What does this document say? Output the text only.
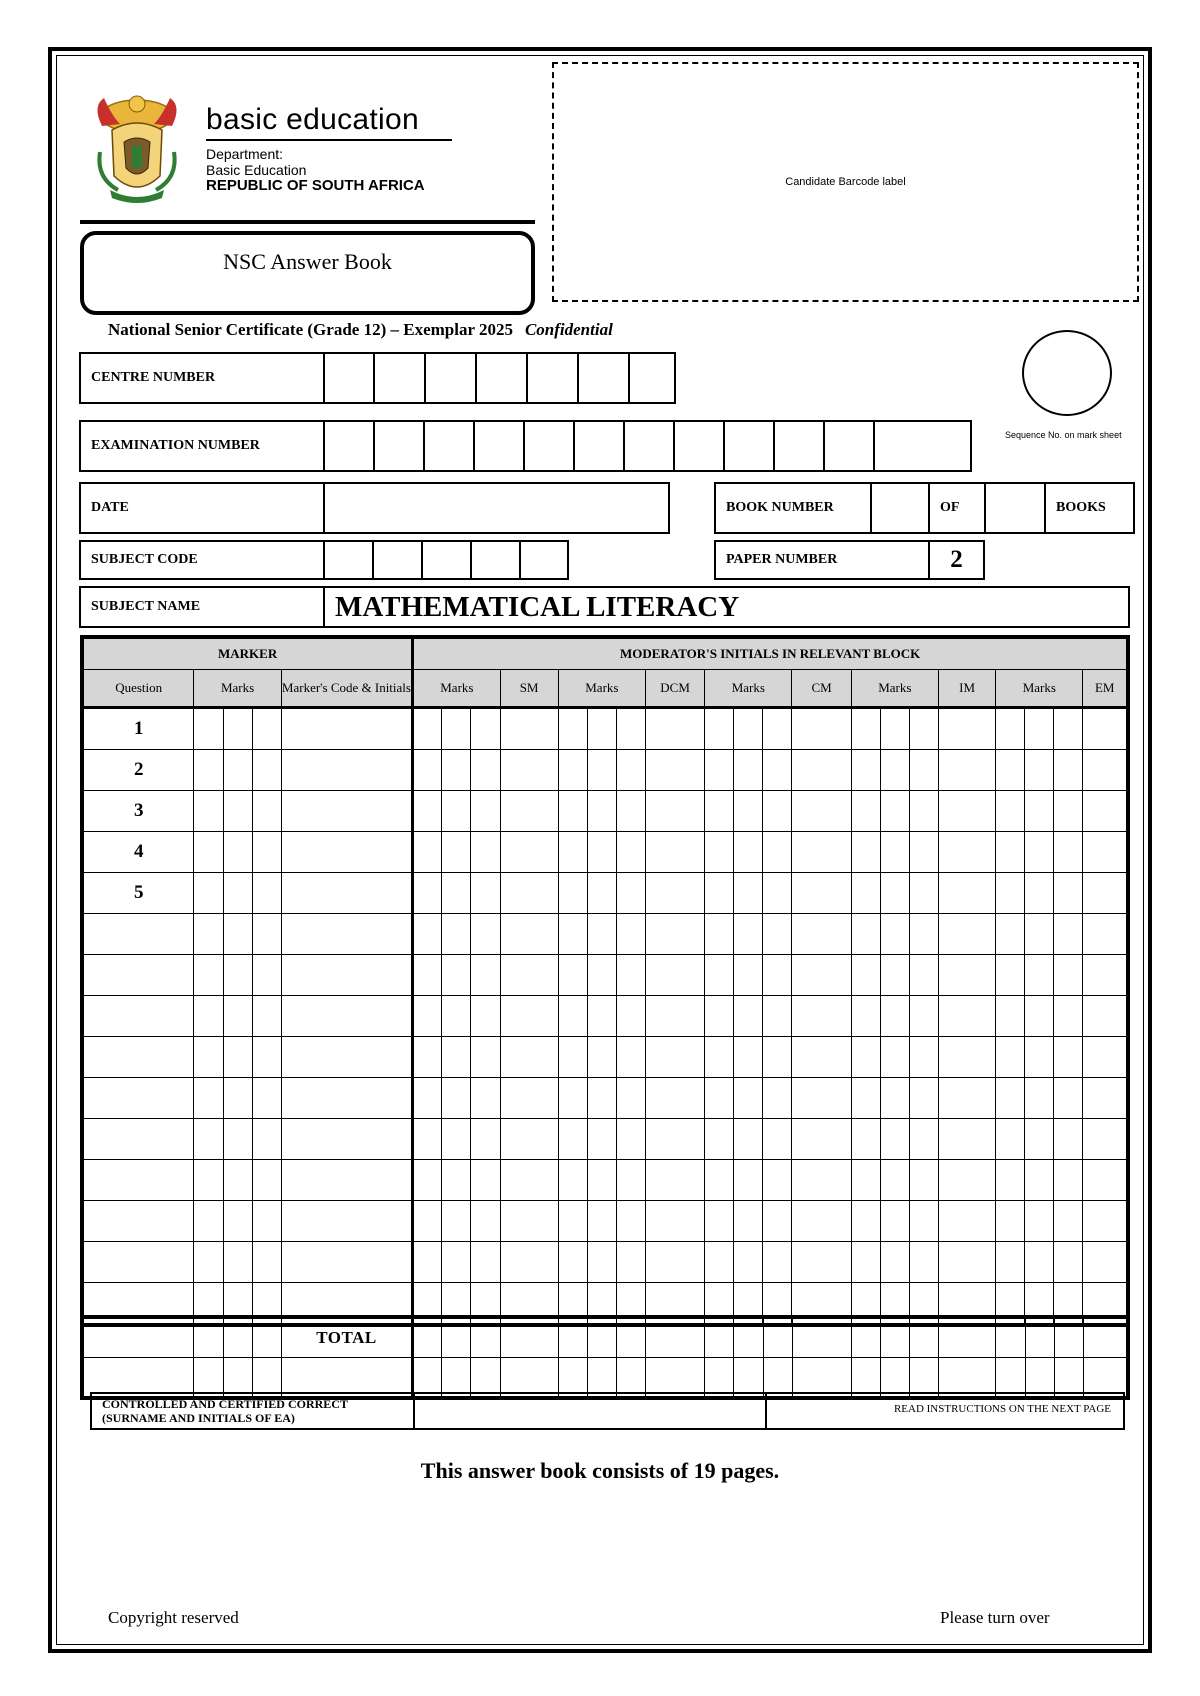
basic education
Department:
Basic Education
REPUBLIC OF SOUTH AFRICA
NSC Answer Book
Candidate Barcode label
National Senior Certificate (Grade 12) – Exemplar 2025 Confidential
Sequence No. on mark sheet
CENTRE NUMBER
EXAMINATION NUMBER
DATE	BOOK NUMBER	OF	BOOKS
SUBJECT CODE	PAPER NUMBER	2
SUBJECT NAME	MATHEMATICAL LITERACY
MARKER					MODERATOR'S INITIALS IN RELEVANT BLOCK																			
Question	Marks			Marker's Code & Initials	Marks			SM	Marks			DCM	Marks			CM	Marks			IM	Marks			EM
1																								
2																								
3																								
4																								
5																								

				TOTAL																				

CONTROLLED AND CERTIFIED CORRECT
(SURNAME AND INITIALS OF EA)
READ INSTRUCTIONS ON THE NEXT PAGE
This answer book consists of 19 pages.
Copyright reserved	Please turn over
